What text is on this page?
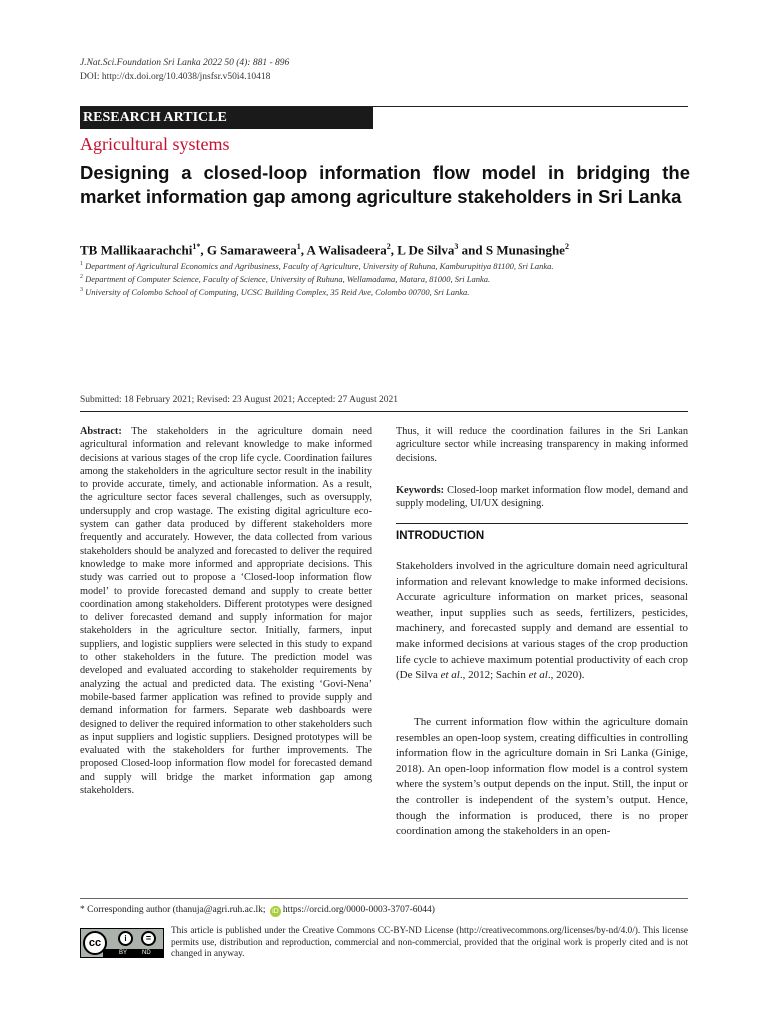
J.Nat.Sci.Foundation Sri Lanka 2022 50 (4): 881 - 896
DOI: http://dx.doi.org/10.4038/jnsfsr.v50i4.10418
RESEARCH ARTICLE
Agricultural systems
Designing a closed-loop information flow model in bridging the market information gap among agriculture stakeholders in Sri Lanka
TB Mallikaarachchi$^{1*}$, G Samaraweera$^1$, A Walisadeera$^2$, L De Silva$^3$ and S Munasinghe$^2$
$^1$ Department of Agricultural Economics and Agribusiness, Faculty of Agriculture, University of Ruhuna, Kamburupitiya 81100, Sri Lanka.
$^2$ Department of Computer Science, Faculty of Science, University of Ruhuna, Wellamadama, Matara, 81000, Sri Lanka.
$^3$ University of Colombo School of Computing, UCSC Building Complex, 35 Reid Ave, Colombo 00700, Sri Lanka.
Submitted: 18 February 2021; Revised: 23 August 2021; Accepted: 27 August 2021
Abstract: The stakeholders in the agriculture domain need agricultural information and relevant knowledge to make informed decisions at various stages of the crop life cycle. Coordination failures among the stakeholders in the agriculture sector result in the inability to provide accurate, timely, and actionable information. As a result, the agriculture sector faces several challenges, such as oversupply, undersupply and crop wastage. The existing digital agriculture eco-system can gather data produced by different stakeholders more frequently and accurately. However, the data collected from various stakeholders should be analyzed and forecasted to deliver the required knowledge to make more informed and appropriate decisions. This study was carried out to propose a ‘Closed-loop information flow model’ to provide forecasted demand and supply to create better coordination among stakeholders. Different prototypes were designed to deliver forecasted demand and supply information for major stakeholders in the agriculture sector. Initially, farmers, input suppliers, and logistic suppliers were selected in this study to expand to other stakeholders in the future. The prediction model was developed and evaluated according to stakeholder requirements by analyzing the actual and predicted data. The existing ‘Govi-Nena’ mobile-based farmer application was refined to provide supply and demand information for farmers. Separate web dashboards were designed to deliver the required information to other stakeholders such as input suppliers and logistic suppliers. Designed prototypes will be evaluated with the stakeholders for further improvements. The proposed Closed-loop information flow model for forecasted demand and supply will bridge the market information gap among stakeholders.
Thus, it will reduce the coordination failures in the Sri Lankan agriculture sector while increasing transparency in making informed decisions.
Keywords: Closed-loop market information flow model, demand and supply modeling, UI/UX designing.
INTRODUCTION
Stakeholders involved in the agriculture domain need agricultural information and relevant knowledge to make informed decisions. Accurate agriculture information on market prices, seasonal weather, input supplies such as seeds, fertilizers, pesticides, machinery, and forecasted supply and demand are essential to make informed decisions at various stages of the crop production life cycle to achieve maximum potential productivity of each crop (De Silva et al., 2012; Sachin et al., 2020).
The current information flow within the agriculture domain resembles an open-loop system, creating difficulties in controlling information flow in the agriculture domain in Sri Lanka (Ginige, 2018). An open-loop information flow model is a control system where the system’s output depends on the input. Still, the input or the controller is independent of the system’s output. Hence, though the information is produced, there is no proper coordination among the stakeholders in an open-
* Corresponding author (thanuja@agri.ruh.ac.lk; iD https://orcid.org/0000-0003-3707-6044)
cc	i	=
BY ND
This article is published under the Creative Commons CC-BY-ND License (http://creativecommons.org/licenses/by-nd/4.0/). This license permits use, distribution and reproduction, commercial and non-commercial, provided that the original work is properly cited and is not changed in anyway.
